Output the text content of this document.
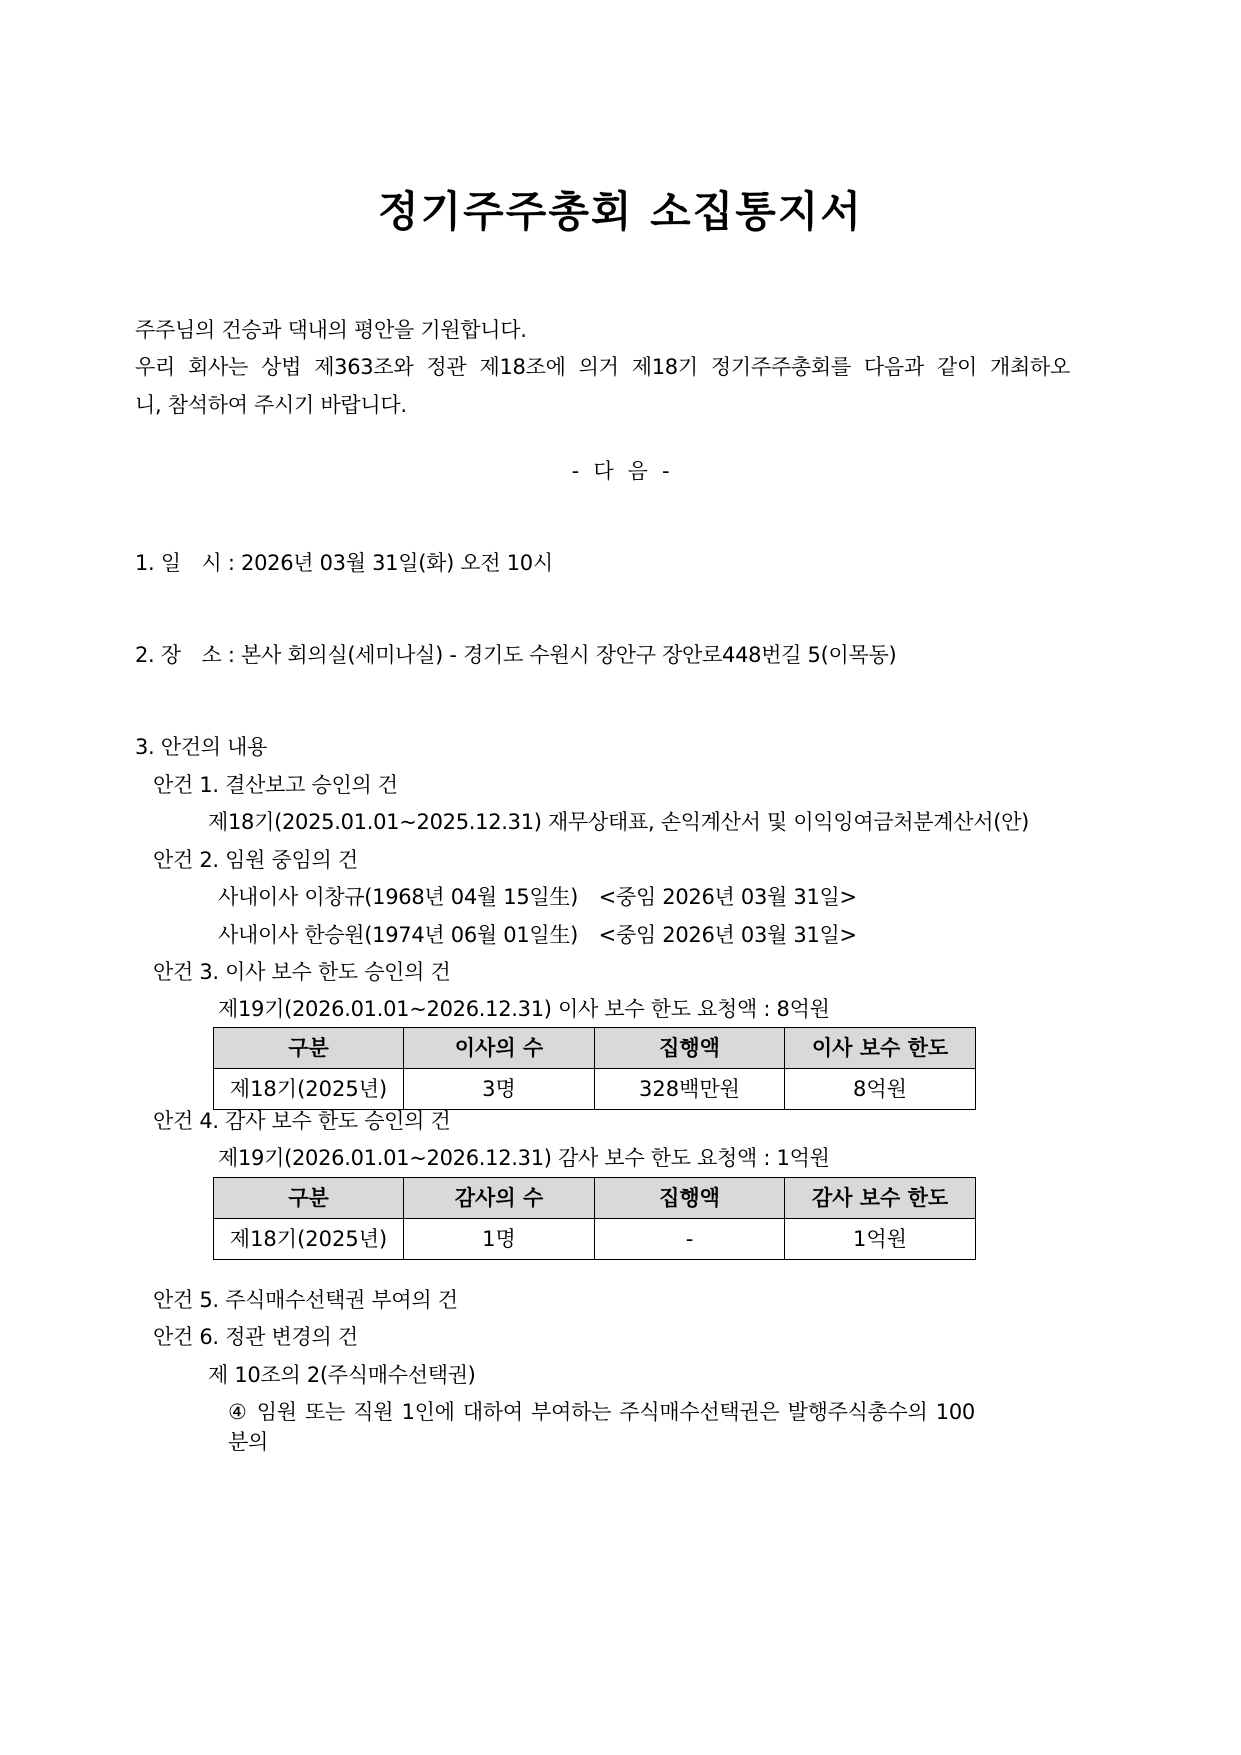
정기주주총회 소집통지서
주주님의 건승과 댁내의 평안을 기원합니다.
우리 회사는 상법 제363조와 정관 제18조에 의거 제18기 정기주주총회를 다음과 같이 개최하오
니, 참석하여 주시기 바랍니다.
- 다 음 -
1. 일　시 : 2026년 03월 31일(화) 오전 10시
2. 장　소 : 본사 회의실(세미나실) - 경기도 수원시 장안구 장안로448번길 5(이목동)
3. 안건의 내용
안건 1. 결산보고 승인의 건
제18기(2025.01.01~2025.12.31) 재무상태표, 손익계산서 및 이익잉여금처분계산서(안)
안건 2. 임원 중임의 건
사내이사 이창규(1968년 04월 15일生)　<중임 2026년 03월 31일>
사내이사 한승원(1974년 06월 01일生)　<중임 2026년 03월 31일>
안건 3. 이사 보수 한도 승인의 건
제19기(2026.01.01~2026.12.31) 이사 보수 한도 요청액 : 8억원
구분	이사의 수	집행액	이사 보수 한도
제18기(2025년)	3명	328백만원	8억원
안건 4. 감사 보수 한도 승인의 건
제19기(2026.01.01~2026.12.31) 감사 보수 한도 요청액 : 1억원
구분	감사의 수	집행액	감사 보수 한도
제18기(2025년)	1명	-	1억원
안건 5. 주식매수선택권 부여의 건
안건 6. 정관 변경의 건
제 10조의 2(주식매수선택권)
④ 임원 또는 직원 1인에 대하여 부여하는 주식매수선택권은 발행주식총수의 100분의
